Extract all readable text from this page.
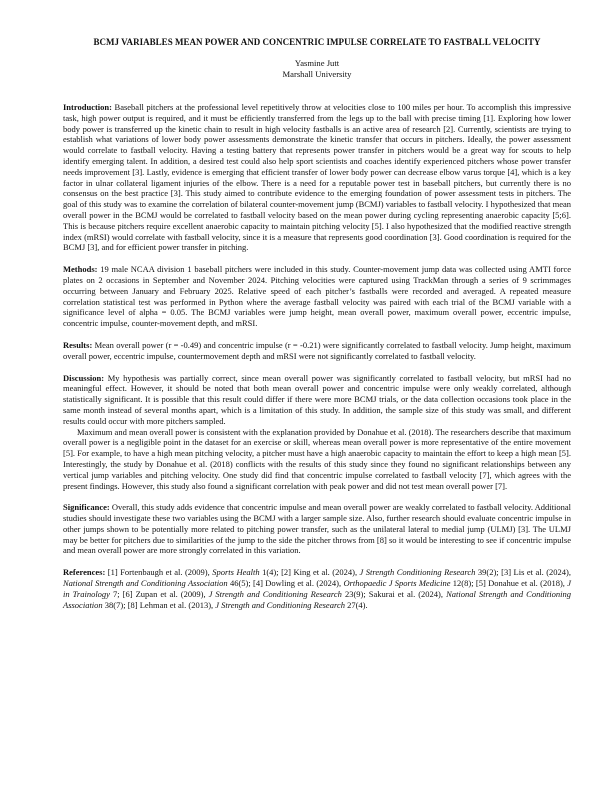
BCMJ VARIABLES MEAN POWER AND CONCENTRIC IMPULSE CORRELATE TO FASTBALL VELOCITY

Yasmine Jutt

Marshall University

Introduction: Baseball pitchers at the professional level repetitively throw at velocities close to 100 miles per hour. To accomplish this impressive task, high power output is required, and it must be efficiently transferred from the legs up to the ball with precise timing [1]. Exploring how lower body power is transferred up the kinetic chain to result in high velocity fastballs is an active area of research [2]. Currently, scientists are trying to establish what variations of lower body power assessments demonstrate the kinetic transfer that occurs in pitchers. Ideally, the power assessment would correlate to fastball velocity. Having a testing battery that represents power transfer in pitchers would be a great way for scouts to help identify emerging talent. In addition, a desired test could also help sport scientists and coaches identify experienced pitchers whose power transfer needs improvement [3]. Lastly, evidence is emerging that efficient transfer of lower body power can decrease elbow varus torque [4], which is a key factor in ulnar collateral ligament injuries of the elbow. There is a need for a reputable power test in baseball pitchers, but currently there is no consensus on the best practice [3]. This study aimed to contribute evidence to the emerging foundation of power assessment tests in pitchers. The goal of this study was to examine the correlation of bilateral counter-movement jump (BCMJ) variables to fastball velocity. I hypothesized that mean overall power in the BCMJ would be correlated to fastball velocity based on the mean power during cycling representing anaerobic capacity [5;6]. This is because pitchers require excellent anaerobic capacity to maintain pitching velocity [5]. I also hypothesized that the modified reactive strength index (mRSI) would correlate with fastball velocity, since it is a measure that represents good coordination [3]. Good coordination is required for the BCMJ [3], and for efficient power transfer in pitching.

Methods: 19 male NCAA division 1 baseball pitchers were included in this study. Counter-movement jump data was collected using AMTI force plates on 2 occasions in September and November 2024. Pitching velocities were captured using TrackMan through a series of 9 scrimmages occurring between January and February 2025. Relative speed of each pitcher’s fastballs were recorded and averaged. A repeated measure correlation statistical test was performed in Python where the average fastball velocity was paired with each trial of the BCMJ variable with a significance level of alpha = 0.05. The BCMJ variables were jump height, mean overall power, maximum overall power, eccentric impulse, concentric impulse, counter-movement depth, and mRSI.

Results: Mean overall power (r = -0.49) and concentric impulse (r = -0.21) were significantly correlated to fastball velocity. Jump height, maximum overall power, eccentric impulse, countermovement depth and mRSI were not significantly correlated to fastball velocity.

Discussion: My hypothesis was partially correct, since mean overall power was significantly correlated to fastball velocity, but mRSI had no meaningful effect. However, it should be noted that both mean overall power and concentric impulse were only weakly correlated, although statistically significant. It is possible that this result could differ if there were more BCMJ trials, or the data collection occasions took place in the same month instead of several months apart, which is a limitation of this study. In addition, the sample size of this study was small, and different results could occur with more pitchers sampled.

Maximum and mean overall power is consistent with the explanation provided by Donahue et al. (2018). The researchers describe that maximum overall power is a negligible point in the dataset for an exercise or skill, whereas mean overall power is more representative of the entire movement [5]. For example, to have a high mean pitching velocity, a pitcher must have a high anaerobic capacity to maintain the effort to keep a high mean [5]. Interestingly, the study by Donahue et al. (2018) conflicts with the results of this study since they found no significant relationships between any vertical jump variables and pitching velocity. One study did find that concentric impulse correlated to fastball velocity [7], which agrees with the present findings. However, this study also found a significant correlation with peak power and did not test mean overall power [7].

Significance: Overall, this study adds evidence that concentric impulse and mean overall power are weakly correlated to fastball velocity. Additional studies should investigate these two variables using the BCMJ with a larger sample size. Also, further research should evaluate concentric impulse in other jumps shown to be potentially more related to pitching power transfer, such as the unilateral lateral to medial jump (ULMJ) [3]. The ULMJ may be better for pitchers due to similarities of the jump to the side the pitcher throws from [8] so it would be interesting to see if concentric impulse and mean overall power are more strongly correlated in this variation.

References: [1] Fortenbaugh et al. (2009), Sports Health 1(4); [2] King et al. (2024), J Strength Conditioning Research 39(2); [3] Lis et al. (2024), National Strength and Conditioning Association 46(5); [4] Dowling et al. (2024), Orthopaedic J Sports Medicine 12(8); [5] Donahue et al. (2018), J in Trainology 7; [6] Zupan et al. (2009), J Strength and Conditioning Research 23(9); Sakurai et al. (2024), National Strength and Conditioning Association 38(7); [8] Lehman et al. (2013), J Strength and Conditioning Research 27(4).
